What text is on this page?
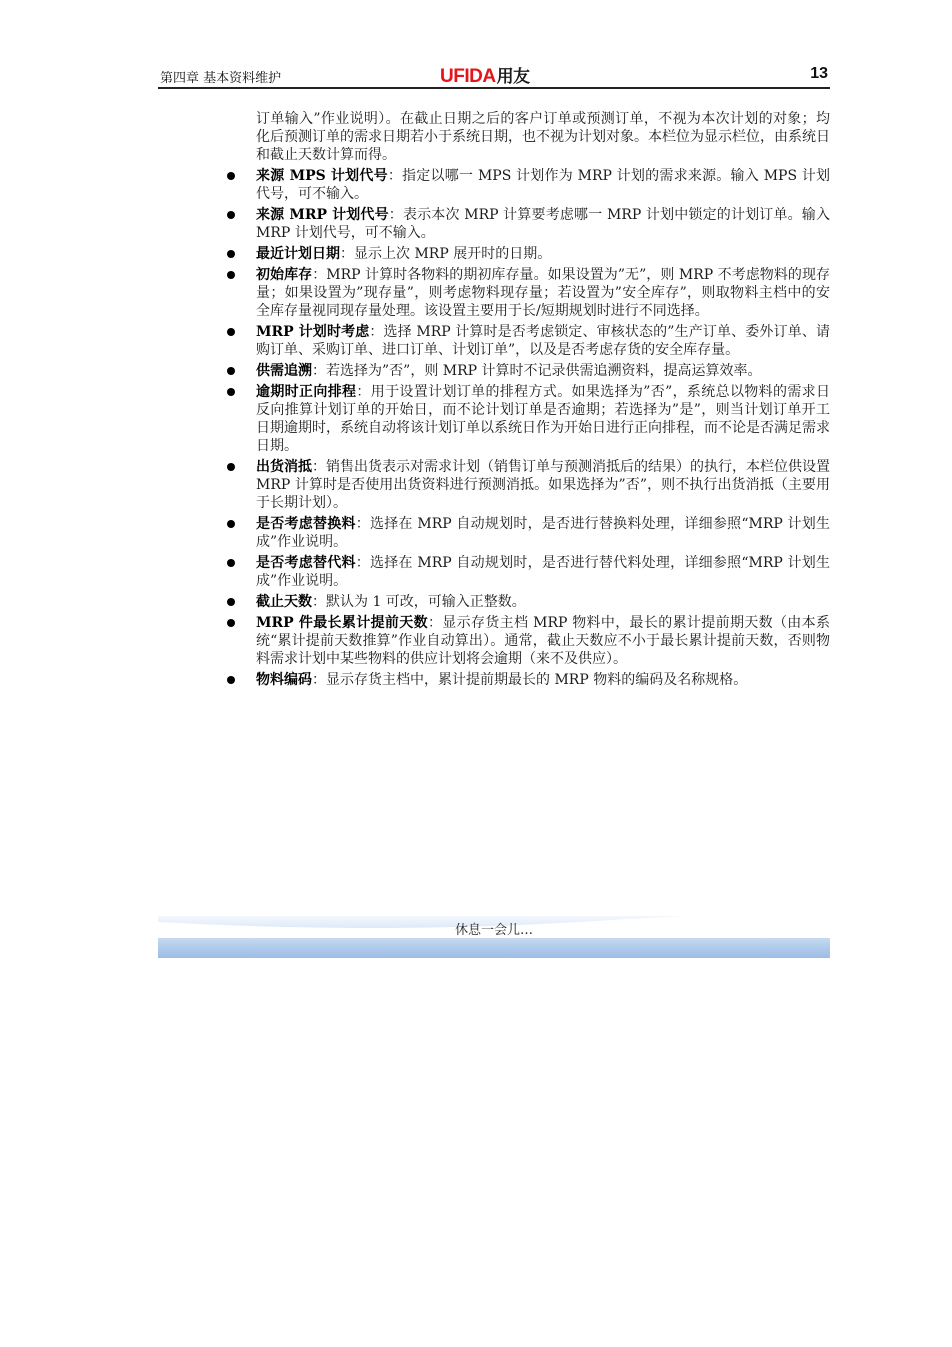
第四章 基本资料维护	UFIDA用友	13

订单输入”作业说明）。在截止日期之后的客户订单或预测订单，不视为本次计划的对象；均化后预测订单的需求日期若小于系统日期，也不视为计划对象。本栏位为显示栏位，由系统日和截止天数计算而得。

来源 MPS 计划代号：指定以哪一 MPS 计划作为 MRP 计划的需求来源。输入 MPS 计划代号，可不输入。
来源 MRP 计划代号：表示本次 MRP 计算要考虑哪一 MRP 计划中锁定的计划订单。输入 MRP 计划代号，可不输入。
最近计划日期：显示上次 MRP 展开时的日期。
初始库存：MRP 计算时各物料的期初库存量。如果设置为”无”，则 MRP 不考虑物料的现存量；如果设置为”现存量”，则考虑物料现存量；若设置为”安全库存”，则取物料主档中的安全库存量视同现存量处理。该设置主要用于长/短期规划时进行不同选择。
MRP 计划时考虑：选择 MRP 计算时是否考虑锁定、审核状态的”生产订单、委外订单、请购订单、采购订单、进口订单、计划订单”，以及是否考虑存货的安全库存量。
供需追溯：若选择为”否”，则 MRP 计算时不记录供需追溯资料，提高运算效率。
逾期时正向排程：用于设置计划订单的排程方式。如果选择为”否”，系统总以物料的需求日反向推算计划订单的开始日，而不论计划订单是否逾期；若选择为”是”，则当计划订单开工日期逾期时，系统自动将该计划订单以系统日作为开始日进行正向排程，而不论是否满足需求日期。
出货消抵：销售出货表示对需求计划（销售订单与预测消抵后的结果）的执行，本栏位供设置 MRP 计算时是否使用出货资料进行预测消抵。如果选择为”否”，则不执行出货消抵（主要用于长期计划）。
是否考虑替换料：选择在 MRP 自动规划时，是否进行替换料处理，详细参照“MRP 计划生成”作业说明。
是否考虑替代料：选择在 MRP 自动规划时，是否进行替代料处理，详细参照“MRP 计划生成”作业说明。
截止天数：默认为 1 可改，可输入正整数。
MRP 件最长累计提前天数：显示存货主档 MRP 物料中，最长的累计提前期天数（由本系统“累计提前天数推算”作业自动算出）。通常，截止天数应不小于最长累计提前天数，否则物料需求计划中某些物料的供应计划将会逾期（来不及供应）。
物料编码：显示存货主档中，累计提前期最长的 MRP 物料的编码及名称规格。
休息一会儿…
